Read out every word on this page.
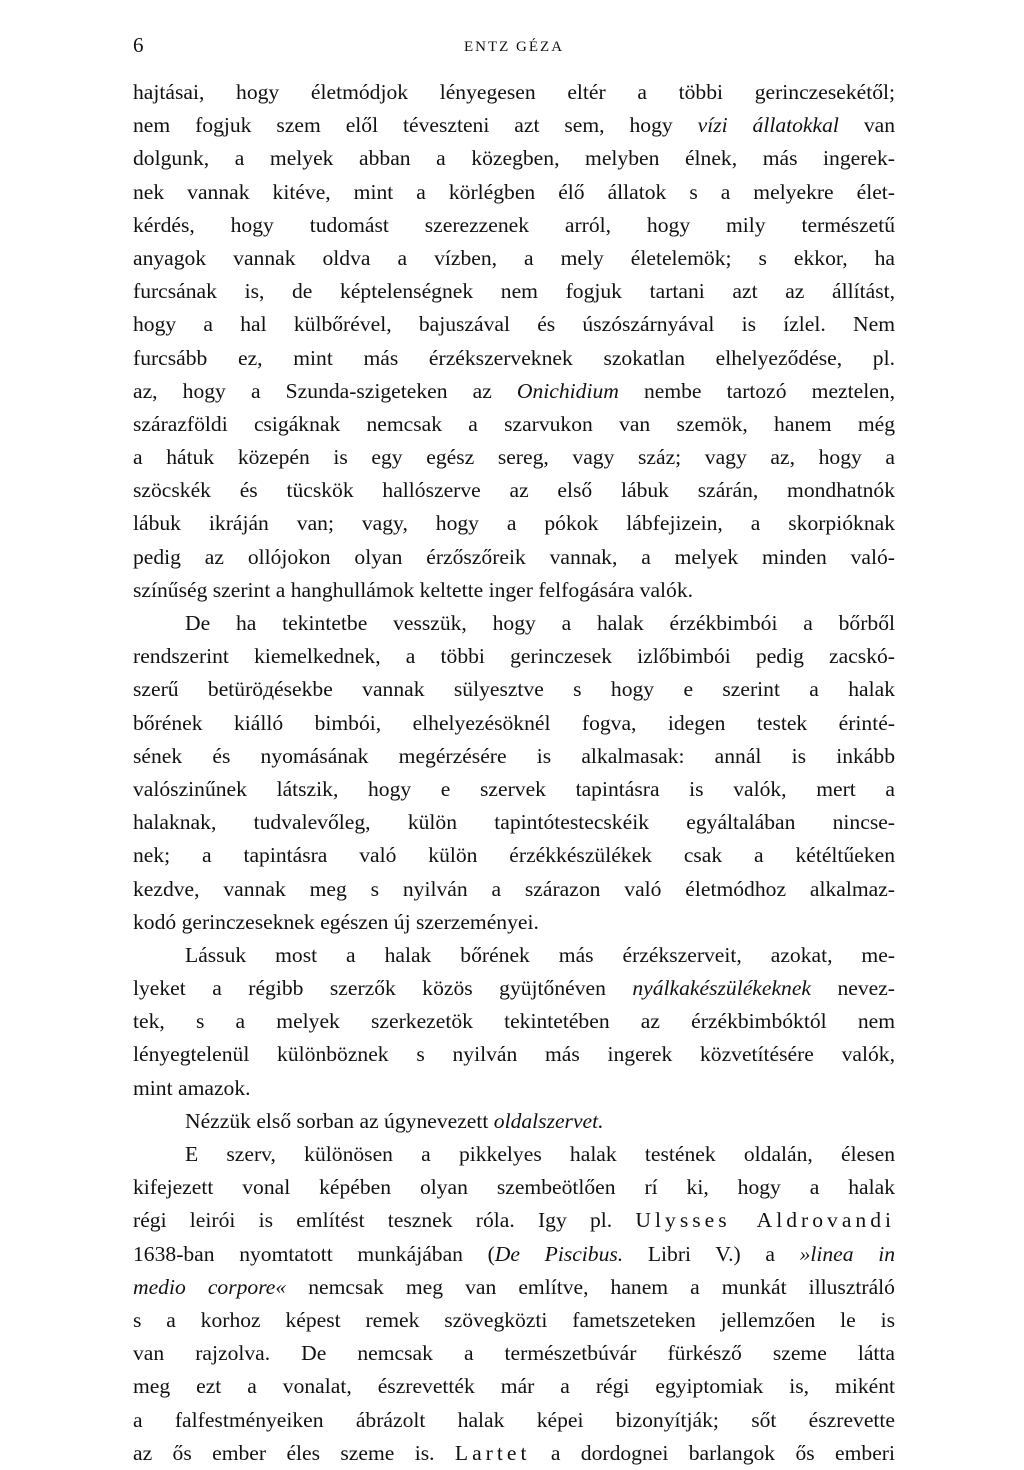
6	ENTZ GÉZA
hajtásai, hogy életmódjok lényegesen eltér a többi gerinczesekétől;
nem fogjuk szem elől téveszteni azt sem, hogy vízi állatokkal van
dolgunk, a melyek abban a közegben, melyben élnek, más ingerek-
nek vannak kitéve, mint a körlégben élő állatok s a melyekre élet-
kérdés, hogy tudomást szerezzenek arról, hogy mily természetű
anyagok vannak oldva a vízben, a mely életelemök; s ekkor, ha
furcsának is, de képtelenségnek nem fogjuk tartani azt az állítást,
hogy a hal külbőrével, bajuszával és úszószárnyával is ízlel. Nem
furcsább ez, mint más érzékszerveknek szokatlan elhelyeződése, pl.
az, hogy a Szunda-szigeteken az Onichidium nembe tartozó meztelen,
szárazföldi csigáknak nemcsak a szarvukon van szemök, hanem még
a hátuk közepén is egy egész sereg, vagy száz; vagy az, hogy a
szöcskék és tücskök hallószerve az első lábuk szárán, mondhatnók
lábuk ikráján van; vagy, hogy a pókok lábfejizein, a skorpióknak
pedig az ollójokon olyan érzőszőreik vannak, a melyek minden való-
színűség szerint a hanghullámok keltette inger felfogására valók.
De ha tekintetbe vesszük, hogy a halak érzékbimbói a bőrből
rendszerint kiemelkednek, a többi gerinczesek izlőbimbói pedig zacskó-
szerű betüröдésekbe vannak sülyesztve s hogy e szerint a halak
bőrének kiálló bimbói, elhelyezésöknél fogva, idegen testek érinté-
sének és nyomásának megérzésére is alkalmasak: annál is inkább
valószinűnek látszik, hogy e szervek tapintásra is valók, mert a
halaknak, tudvalevőleg, külön tapintótestecskéik egyáltalában nincse-
nek; a tapintásra való külön érzékkészülékek csak a kétéltűeken
kezdve, vannak meg s nyilván a szárazon való életmódhoz alkalmaz-
kodó gerinczeseknek egészen új szerzeményei.
Lássuk most a halak bőrének más érzékszerveit, azokat, me-
lyeket a régibb szerzők közös gyüjtőnéven nyálkakészülékeknek nevez-
tek, s a melyek szerkezetök tekintetében az érzékbimbóktól nem
lényegtelenül különböznek s nyilván más ingerek közvetítésére valók,
mint amazok.
Nézzük első sorban az úgynevezett oldalszervet.
E szerv, különösen a pikkelyes halak testének oldalán, élesen
kifejezett vonal képében olyan szembeötlően rí ki, hogy a halak
régi leirói is említést tesznek róla. Igy pl. Ulysses Aldrovandi
1638-ban nyomtatott munkájában (De Piscibus. Libri V.) a »linea in
medio corpore« nemcsak meg van említve, hanem a munkát illusztráló
s a korhoz képest remek szövegközti fametszeteken jellemzően le is
van rajzolva. De nemcsak a természetbúvár fürkésző szeme látta
meg ezt a vonalat, észrevették már a régi egyiptomiak is, miként
a falfestményeiken ábrázolt halak képei bizonyítják; sőt észrevette
az ős ember éles szeme is. Lartet a dordognei barlangok ős emberi
